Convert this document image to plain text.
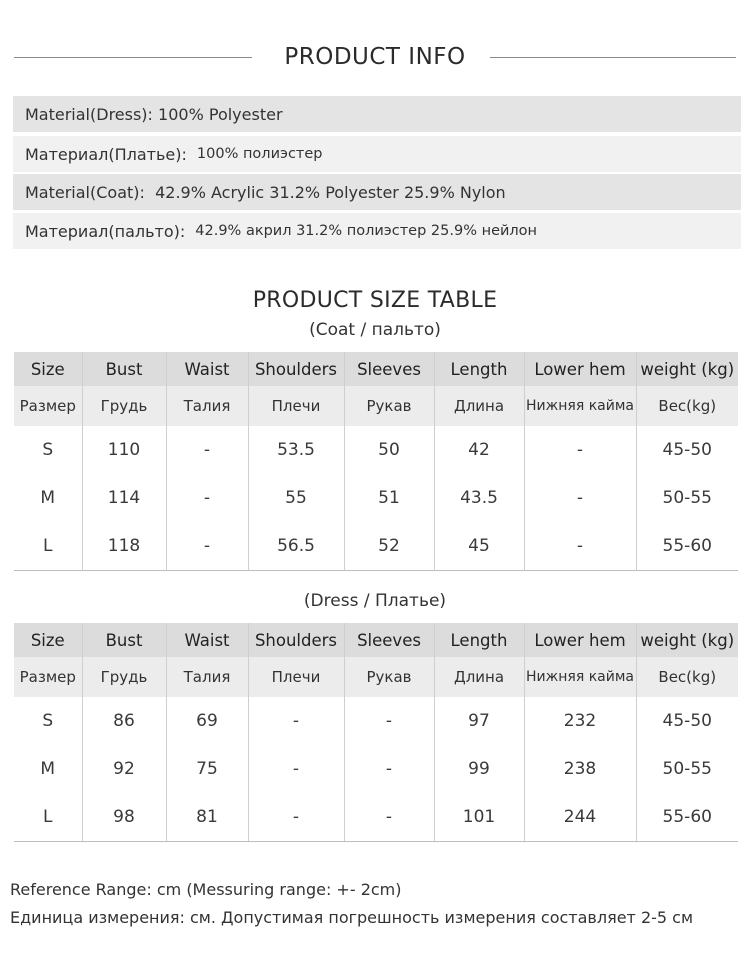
PRODUCT INFO
Material(Dress):
100% Polyester
Материал(Платье): 100% полиэстер
Material(Coat):
42.9% Acrylic 31.2% Polyester 25.9% Nylon
Материал(пальто): 42.9% акрил 31.2% полиэстер 25.9% нейлон
PRODUCT SIZE TABLE
(Coat / пальто)
Size	Bust	Waist	Shoulders	Sleeves	Length	Lower hem	weight (kg)
Размер	Грудь	Талия	Плечи	Рукав	Длина	Нижняя кайма	Вес(kg)
S	110	-	53.5	50	42	-	45-50
M	114	-	55	51	43.5	-	50-55
L	118	-	56.5	52	45	-	55-60
(Dress / Платье)
Size	Bust	Waist	Shoulders	Sleeves	Length	Lower hem	weight (kg)
Размер	Грудь	Талия	Плечи	Рукав	Длина	Нижняя кайма	Вес(kg)
S	86	69	-	-	97	232	45-50
M	92	75	-	-	99	238	50-55
L	98	81	-	-	101	244	55-60
Reference Range: cm (Messuring range: +- 2cm)
Единица измерения: см. Допустимая погрешность измерения составляет 2-5 см
